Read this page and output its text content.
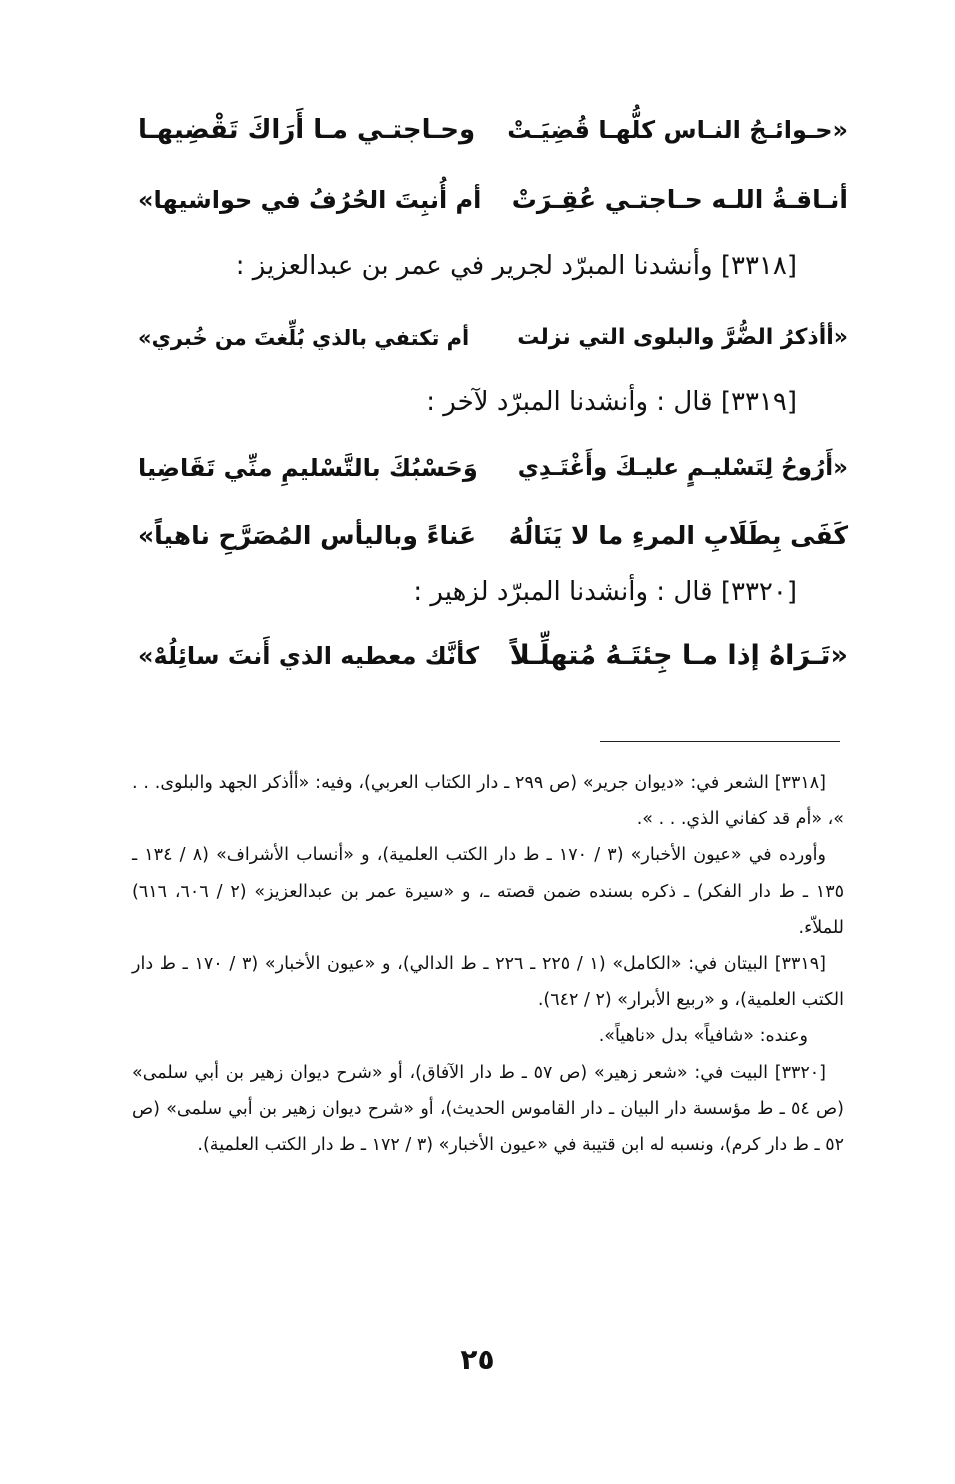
«حـوائـجُ النـاس كلُّهـا قُضِيَـتْ
وحـاجتـي مـا أَرَاكَ تَقْضِيهـا
أنـاقـةُ اللـه حـاجتـي عُقِـرَتْ
أم أُنبِتَ الحُرُفُ في حواشيها»
[٣٣١٨] وأنشدنا المبرّد لجرير في عمر بن عبدالعزيز :
«أأذكرُ الضُّرَّ والبلوى التي نزلت
أم تكتفي بالذي بُلِّغتَ من خُبري»
[٣٣١٩] قال : وأنشدنا المبرّد لآخر :
«أَرُوحُ لِتَسْليـمٍ عليـكَ وأَغْتَـدِي
وَحَسْبُكَ بالتَّسْليمِ منِّي تَقَاضِيا
كَفَى بِطَلَابِ المرءِ ما لا يَنَالُهُ
عَناءً وباليأس المُصَرَّحِ ناهياً»
[٣٣٢٠] قال : وأنشدنا المبرّد لزهير :
«تَـرَاهُ إذا مـا جِئتَـهُ مُتهلِّـلاً
كأنَّك معطيه الذي أَنتَ سائِلُهْ»

[٣٣١٨] الشعر في: «ديوان جرير» (ص ٢٩٩ ـ دار الكتاب العربي)، وفيه: «أأذكر الجهد والبلوى. . . »، «أم قد كفاني الذي. . . ».

وأورده في «عيون الأخبار» (٣ / ١٧٠ ـ ط دار الكتب العلمية)، و «أنساب الأشراف» (٨ / ١٣٤ ـ ١٣٥ ـ ط دار الفكر) ـ ذكره بسنده ضمن قصته ـ، و «سيرة عمر بن عبدالعزيز» (٢ / ٦٠٦، ٦١٦) للملاّء.

[٣٣١٩] البيتان في: «الكامل» (١ / ٢٢٥ ـ ٢٢٦ ـ ط الدالي)، و «عيون الأخبار» (٣ / ١٧٠ ـ ط دار الكتب العلمية)، و «ربيع الأبرار» (٢ / ٦٤٢).

وعنده: «شافياً» بدل «ناهياً».

[٣٣٢٠] البيت في: «شعر زهير» (ص ٥٧ ـ ط دار الآفاق)، أو «شرح ديوان زهير بن أبي سلمى» (ص ٥٤ ـ ط مؤسسة دار البيان ـ دار القاموس الحديث)، أو «شرح ديوان زهير بن أبي سلمى» (ص ٥٢ ـ ط دار كرم)، ونسبه له ابن قتيبة في «عيون الأخبار» (٣ / ١٧٢ ـ ط دار الكتب العلمية).

٢٥
